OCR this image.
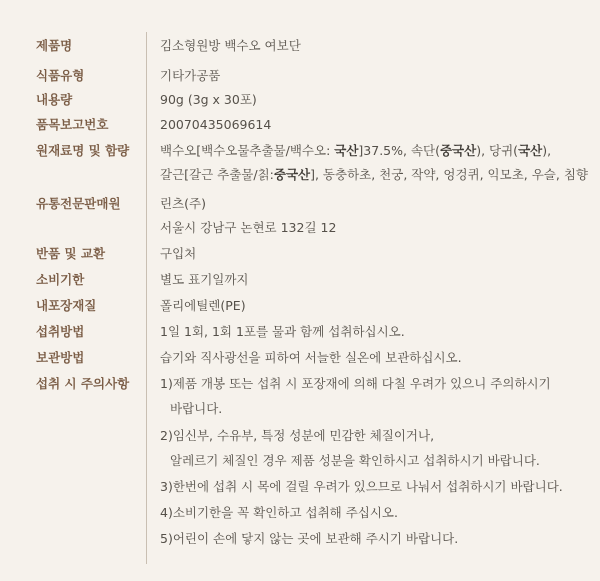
제품명
식품유형
내용량
품목보고번호
원재료명 및 함량
유통전문판매원
반품 및 교환
소비기한
내포장재질
섭취방법
보관방법
섭취 시 주의사항
김소형원방 백수오 여보단
기타가공품
90g (3g x 30포)
20070435069614
백수오[백수오물추출물/백수오: 국산]37.5%, 속단(중국산), 당귀(국산),
갈근[갈근 추출물/칡:중국산], 동충하초, 천궁, 작약, 엉겅퀴, 익모초, 우슬, 침향
린츠(주)
서울시 강남구 논현로 132길 12
구입처
별도 표기일까지
폴리에틸렌(PE)
1일 1회, 1회 1포를 물과 함께 섭취하십시오.
습기와 직사광선을 피하여 서늘한 실온에 보관하십시오.
1)제품 개봉 또는 섭취 시 포장재에 의해 다칠 우려가 있으니 주의하시기
바랍니다.
2)임신부, 수유부, 특정 성분에 민감한 체질이거나,
알레르기 체질인 경우 제품 성분을 확인하시고 섭취하시기 바랍니다.
3)한번에 섭취 시 목에 걸릴 우려가 있으므로 나눠서 섭취하시기 바랍니다.
4)소비기한을 꼭 확인하고 섭취해 주십시오.
5)어린이 손에 닿지 않는 곳에 보관해 주시기 바랍니다.
